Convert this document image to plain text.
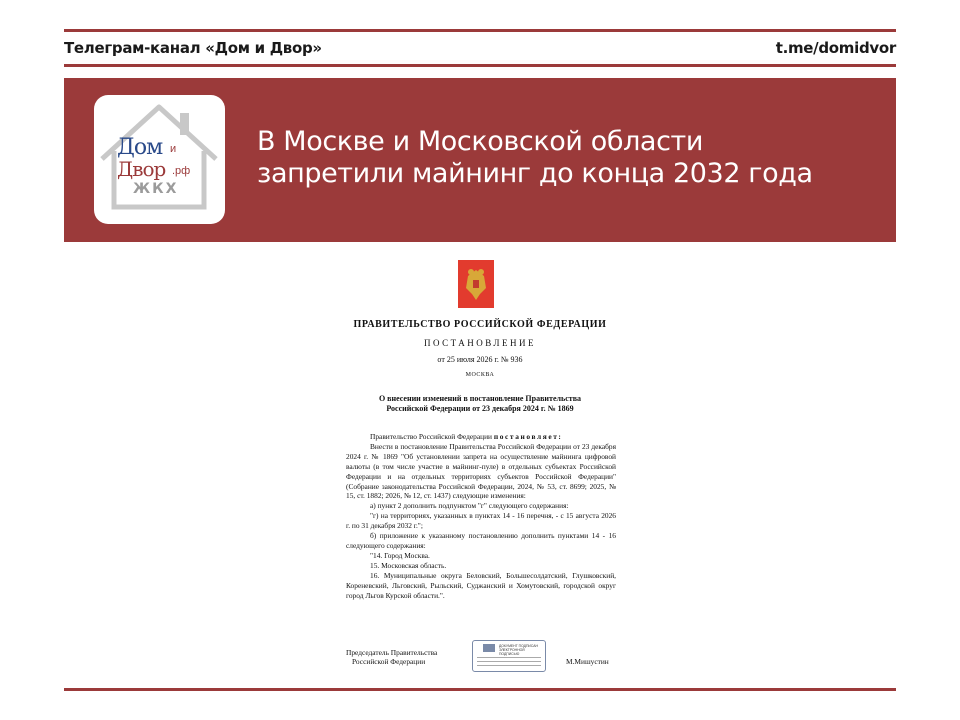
Телеграм-канал «Дом и Двор»	t.me/domidvor
Дом и
Двор .рф
ЖКХ
В Москве и Московской области
запретили майнинг до конца 2032 года
ПРАВИТЕЛЬСТВО РОССИЙСКОЙ ФЕДЕРАЦИИ
ПОСТАНОВЛЕНИЕ
от 25 июля 2026 г. № 936
МОСКВА
О внесении изменений в постановление Правительства
Российской Федерации от 23 декабря 2024 г. № 1869

Правительство Российской Федерации постановляет:

Внести в постановление Правительства Российской Федерации от 23 декабря 2024 г. № 1869 "Об установлении запрета на осуществление майнинга цифровой валюты (в том числе участие в майнинг-пуле) в отдельных субъектах Российской Федерации и на отдельных территориях субъектов Российской Федерации" (Собрание законодательства Российской Федерации, 2024, № 53, ст. 8699; 2025, № 15, ст. 1882; 2026, № 12, ст. 1437) следующие изменения:

а) пункт 2 дополнить подпунктом "г" следующего содержания:

"г) на территориях, указанных в пунктах 14 - 16 перечня, - с 15 августа 2026 г. по 31 декабря 2032 г.";

б) приложение к указанному постановлению дополнить пунктами 14 - 16 следующего содержания:

"14. Город Москва.

15. Московская область.

16. Муниципальные округа Беловский, Большесолдатский, Глушковский, Кореневский, Льговский, Рыльский, Суджанский и Хомутовский, городской округ город Льгов Курской области.".

Председатель Правительства
Российской Федерации
ДОКУМЕНТ ПОДПИСАН ЭЛЕКТРОННОЙ ПОДПИСЬЮ
М.Мишустин
